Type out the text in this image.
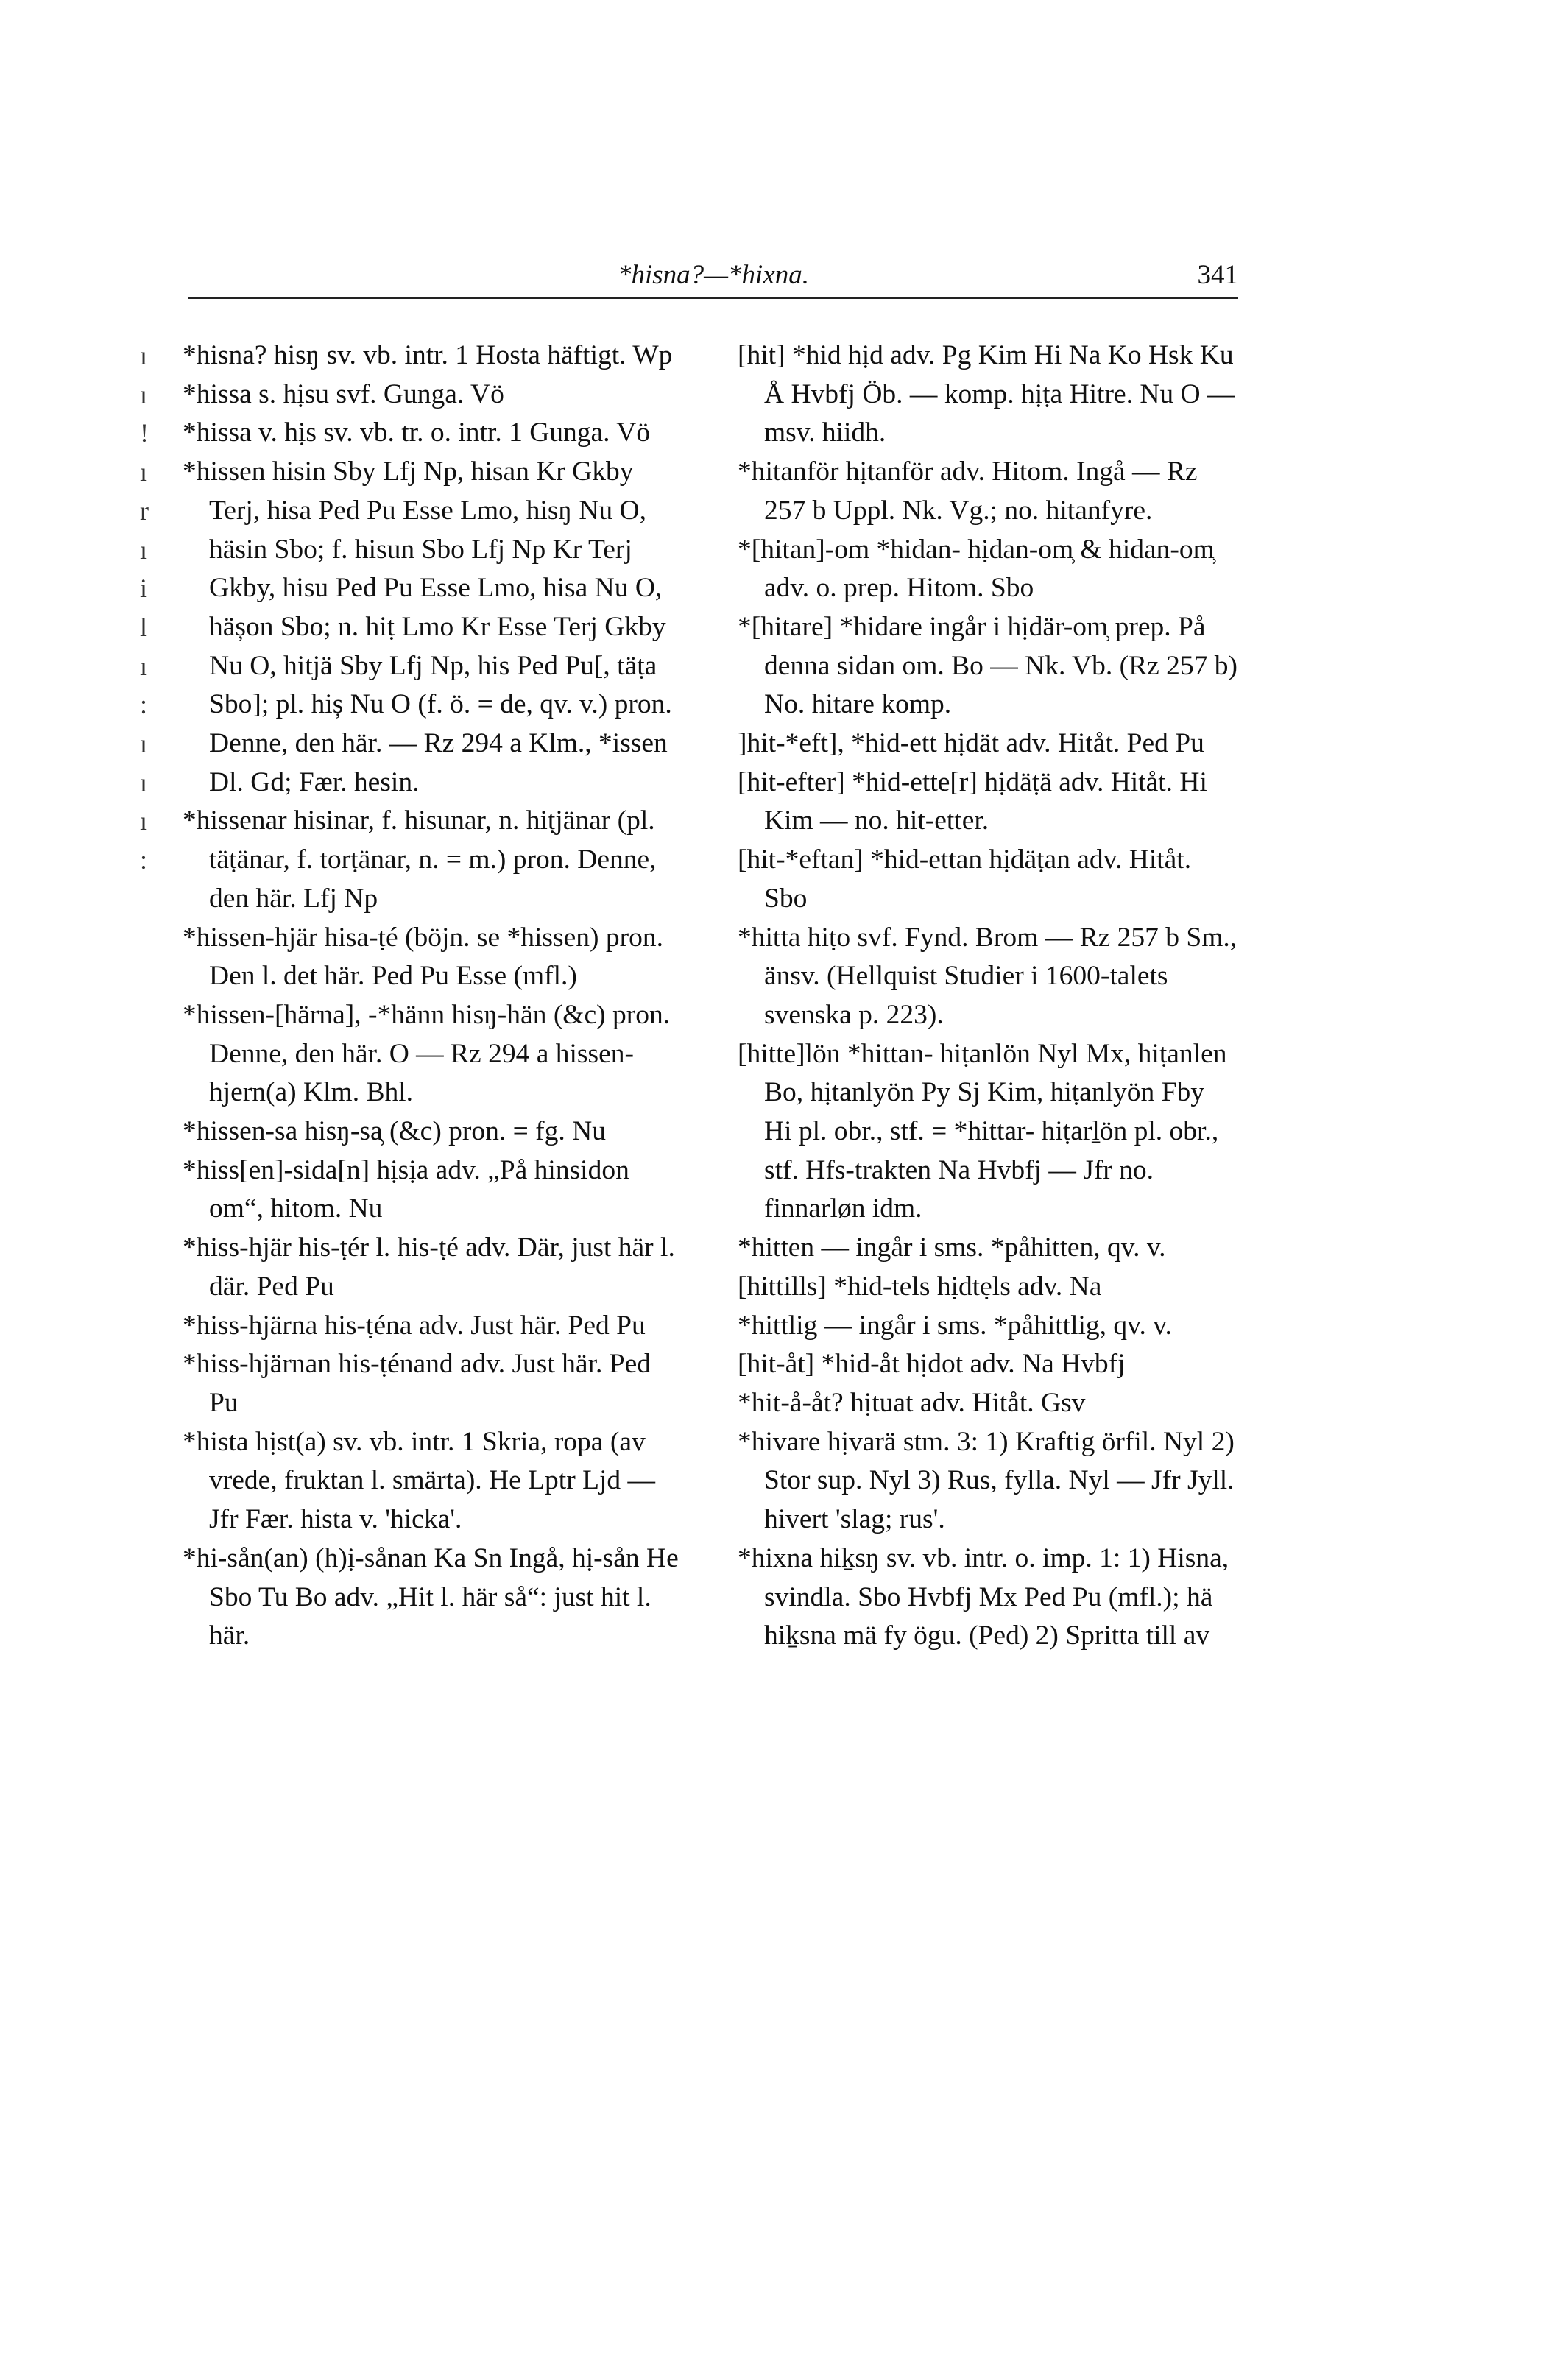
*hisna?—*hixna.	341
ı
ı
!
ı
r
ı
i
l
ı
:
ı
ı
ı
:
*hisna? hisŋ sv. vb. intr. 1 Hosta häftigt. Wp
*hissa s. hịsu svf. Gunga. Vö
*hissa v. hịs sv. vb. tr. o. intr. 1 Gunga. Vö
*hissen hisin Sby Lfj Np, hisan Kr Gkby Terj, hisa Ped Pu Esse Lmo, hisŋ Nu O, häsin Sbo; f. hisun Sbo Lfj Np Kr Terj Gkby, hisu Ped Pu Esse Lmo, hisa Nu O, häșon Sbo; n. hiṭ Lmo Kr Esse Terj Gkby Nu O, hitjä Sby Lfj Np, his Ped Pu[, täṭa Sbo]; pl. hiș Nu O (f. ö. = de, qv. v.) pron. Denne, den här. — Rz 294 a Klm., *issen Dl. Gd; Fær. hesin.
*hissenar hisinar, f. hisunar, n. hiṭjänar (pl. täṭänar, f. torṭänar, n. = m.) pron. Denne, den här. Lfj Np
*hissen-hjär hisa-ṭé (böjn. se *hissen) pron. Den l. det här. Ped Pu Esse (mfl.)
*hissen-[härna], -*hänn hisŋ-hän (&c) pron. Denne, den här. O — Rz 294 a hissen-hjern(a) Klm. Bhl.
*hissen-sa hisŋ-sa̹ (&c) pron. = fg. Nu
*hiss[en]-sida[n] hịsịa adv. „På hinsidon om“, hitom. Nu
*hiss-hjär his-ṭér l. his-ṭé adv. Där, just här l. där. Ped Pu
*hiss-hjärna his-ṭéna adv. Just här. Ped Pu
*hiss-hjärnan his-ṭénand adv. Just här. Ped Pu
*hista hịst(a) sv. vb. intr. 1 Skria, ropa (av vrede, fruktan l. smärta). He Lptr Ljd — Jfr Fær. hista v. 'hicka'.
*hi-sån(an) (h)ị-sånan Ka Sn Ingå, hị-sån He Sbo Tu Bo adv. „Hit l. här så“: just hit l. här.
[hit] *hid hịd adv. Pg Kim Hi Na Ko Hsk Ku Å Hvbfj Öb. — komp. hịṭa Hitre. Nu O — msv. hiidh.
*hitanför hịtanför adv. Hitom. Ingå — Rz 257 b Uppl. Nk. Vg.; no. hitanfyre.
*[hitan]-om *hidan- hịdan-om̹ & hidan-om̹ adv. o. prep. Hitom. Sbo
*[hitare] *hidare ingår i hịdär-om̹ prep. På denna sidan om. Bo — Nk. Vb. (Rz 257 b) No. hitare komp.
]hit-*eft], *hid-ett hịdät adv. Hitåt. Ped Pu
[hit-efter] *hid-ette[r] hịdäṭä adv. Hitåt. Hi Kim — no. hit-etter.
[hit-*eftan] *hid-ettan hịdäṭan adv. Hitåt. Sbo
*hitta hiṭo svf. Fynd. Brom — Rz 257 b Sm., änsv. (Hellquist Studier i 1600-talets svenska p. 223).
[hitte]lön *hittan- hiṭanlön Nyl Mx, hiṭanlen Bo, hịtanlyön Py Sj Kim, hiṭanlyön Fby Hi pl. obr., stf. = *hittar- hiṭarḻön pl. obr., stf. Hfs-trakten Na Hvbfj — Jfr no. finnarløn idm.
*hitten — ingår i sms. *påhitten, qv. v.
[hittills] *hid-tels hịdtẹls adv. Na
*hittlig — ingår i sms. *påhittlig, qv. v.
[hit-åt] *hid-åt hịdot adv. Na Hvbfj
*hit-å-åt? hịtuat adv. Hitåt. Gsv
*hivare hịvarä stm. 3: 1) Kraftig örfil. Nyl 2) Stor sup. Nyl 3) Rus, fylla. Nyl — Jfr Jyll. hivert 'slag; rus'.
*hixna hiḵsŋ sv. vb. intr. o. imp. 1: 1) Hisna, svindla. Sbo Hvbfj Mx Ped Pu (mfl.); hä hiḵsna mä fy ögu. (Ped) 2) Spritta till av
